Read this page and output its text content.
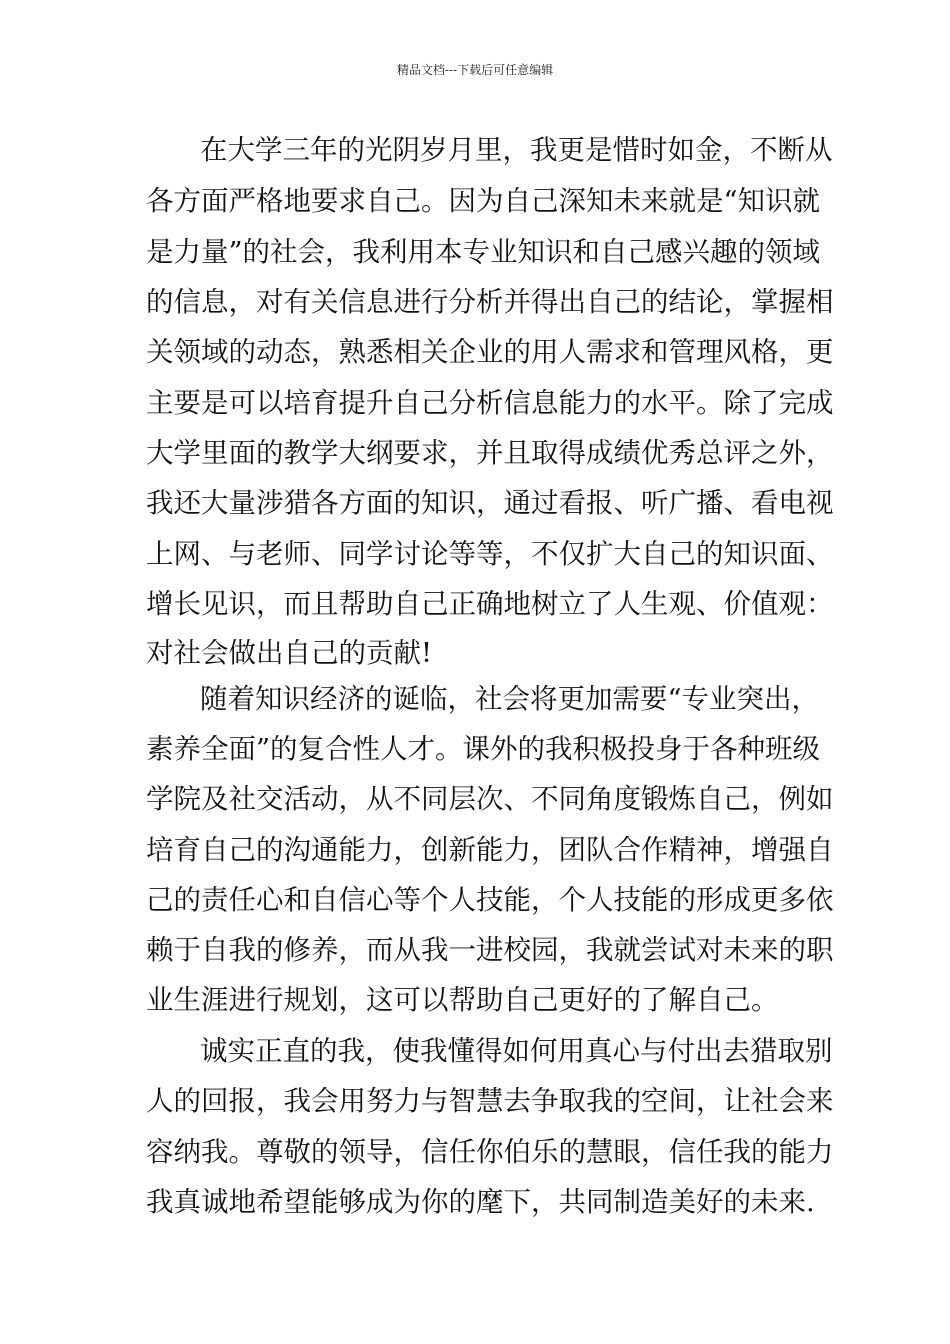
精品文档---下载后可任意编辑
在大学三年的光阴岁月里，我更是惜时如金，不断从
各方面严格地要求自己。因为自己深知未来就是“知识就
是力量”的社会，我利用本专业知识和自己感兴趣的领域
的信息，对有关信息进行分析并得出自己的结论，掌握相
关领域的动态，熟悉相关企业的用人需求和管理风格，更
主要是可以培育提升自己分析信息能力的水平。除了完成
大学里面的教学大纲要求，并且取得成绩优秀总评之外，
我还大量涉猎各方面的知识，通过看报、听广播、看电视
上网、与老师、同学讨论等等，不仅扩大自己的知识面、
增长见识，而且帮助自己正确地树立了人生观、价值观：
对社会做出自己的贡献!
随着知识经济的诞临，社会将更加需要“专业突出，
素养全面”的复合性人才。课外的我积极投身于各种班级
学院及社交活动，从不同层次、不同角度锻炼自己，例如
培育自己的沟通能力，创新能力，团队合作精神，增强自
己的责任心和自信心等个人技能，个人技能的形成更多依
赖于自我的修养，而从我一进校园，我就尝试对未来的职
业生涯进行规划，这可以帮助自己更好的了解自己。
诚实正直的我，使我懂得如何用真心与付出去猎取别
人的回报，我会用努力与智慧去争取我的空间，让社会来
容纳我。尊敬的领导，信任你伯乐的慧眼，信任我的能力
我真诚地希望能够成为你的麾下，共同制造美好的未来.
